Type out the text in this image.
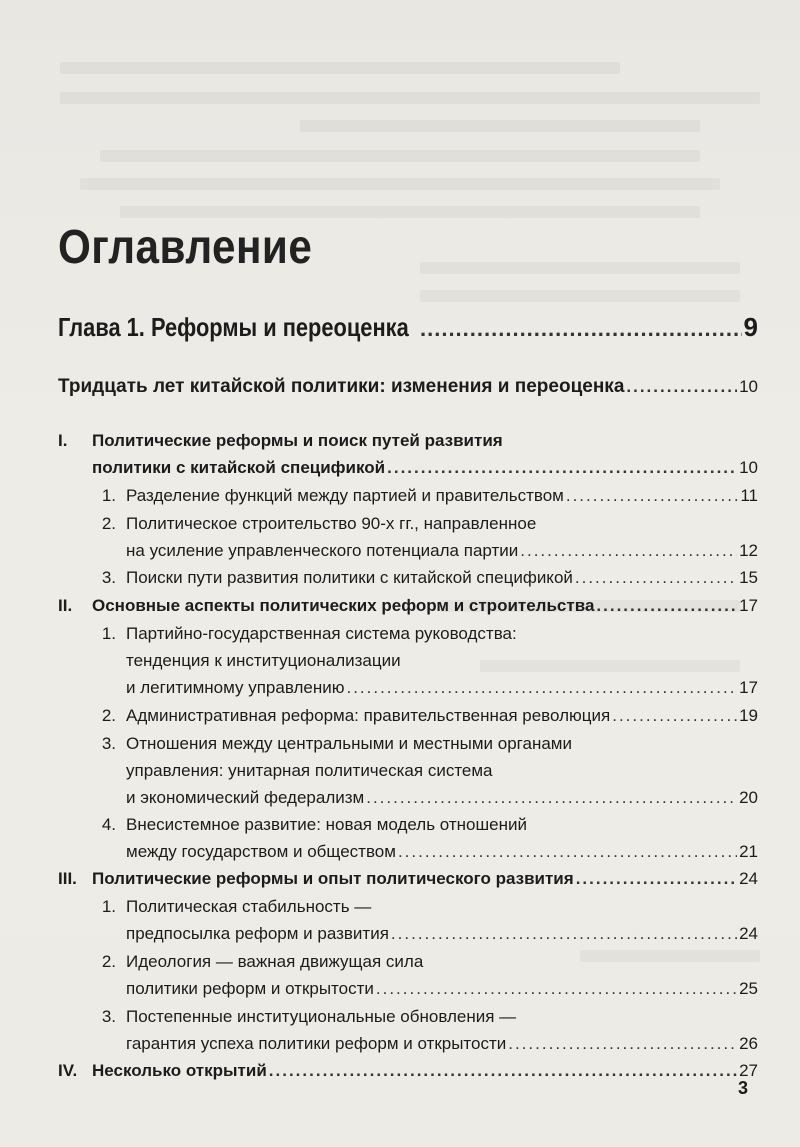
Оглавление
Глава 1. Реформы и переоценка .....	9
Тридцать лет китайской политики: изменения и переоценка .....	10
I. Политические реформы и поиск путей развития
политики с китайской спецификой .....	10
1. Разделение функций между партией и правительством .....	11
2. Политическое строительство 90-х гг., направленное
на усиление управленческого потенциала партии .....	12
3. Поиски пути развития политики с китайской спецификой .....	15
II.	Основные аспекты политических реформ и строительства .....	17
1. Партийно-государственная система руководства:
тенденция к институционализации
и легитимному управлению .....	17
2. Административная реформа: правительственная революция .....	19
3. Отношения между центральными и местными органами
управления: унитарная политическая система
и экономический федерализм .....	20
4. Внесистемное развитие: новая модель отношений
между государством и обществом .....	21
III. Политические реформы и опыт политического развития .....	24
1. Политическая стабильность —
предпосылка реформ и развития .....	24
2. Идеология — важная движущая сила
политики реформ и открытости .....	25
3. Постепенные институциональные обновления —
гарантия успеха политики реформ и открытости .....	26
IV. Несколько открытий .....	27
3
